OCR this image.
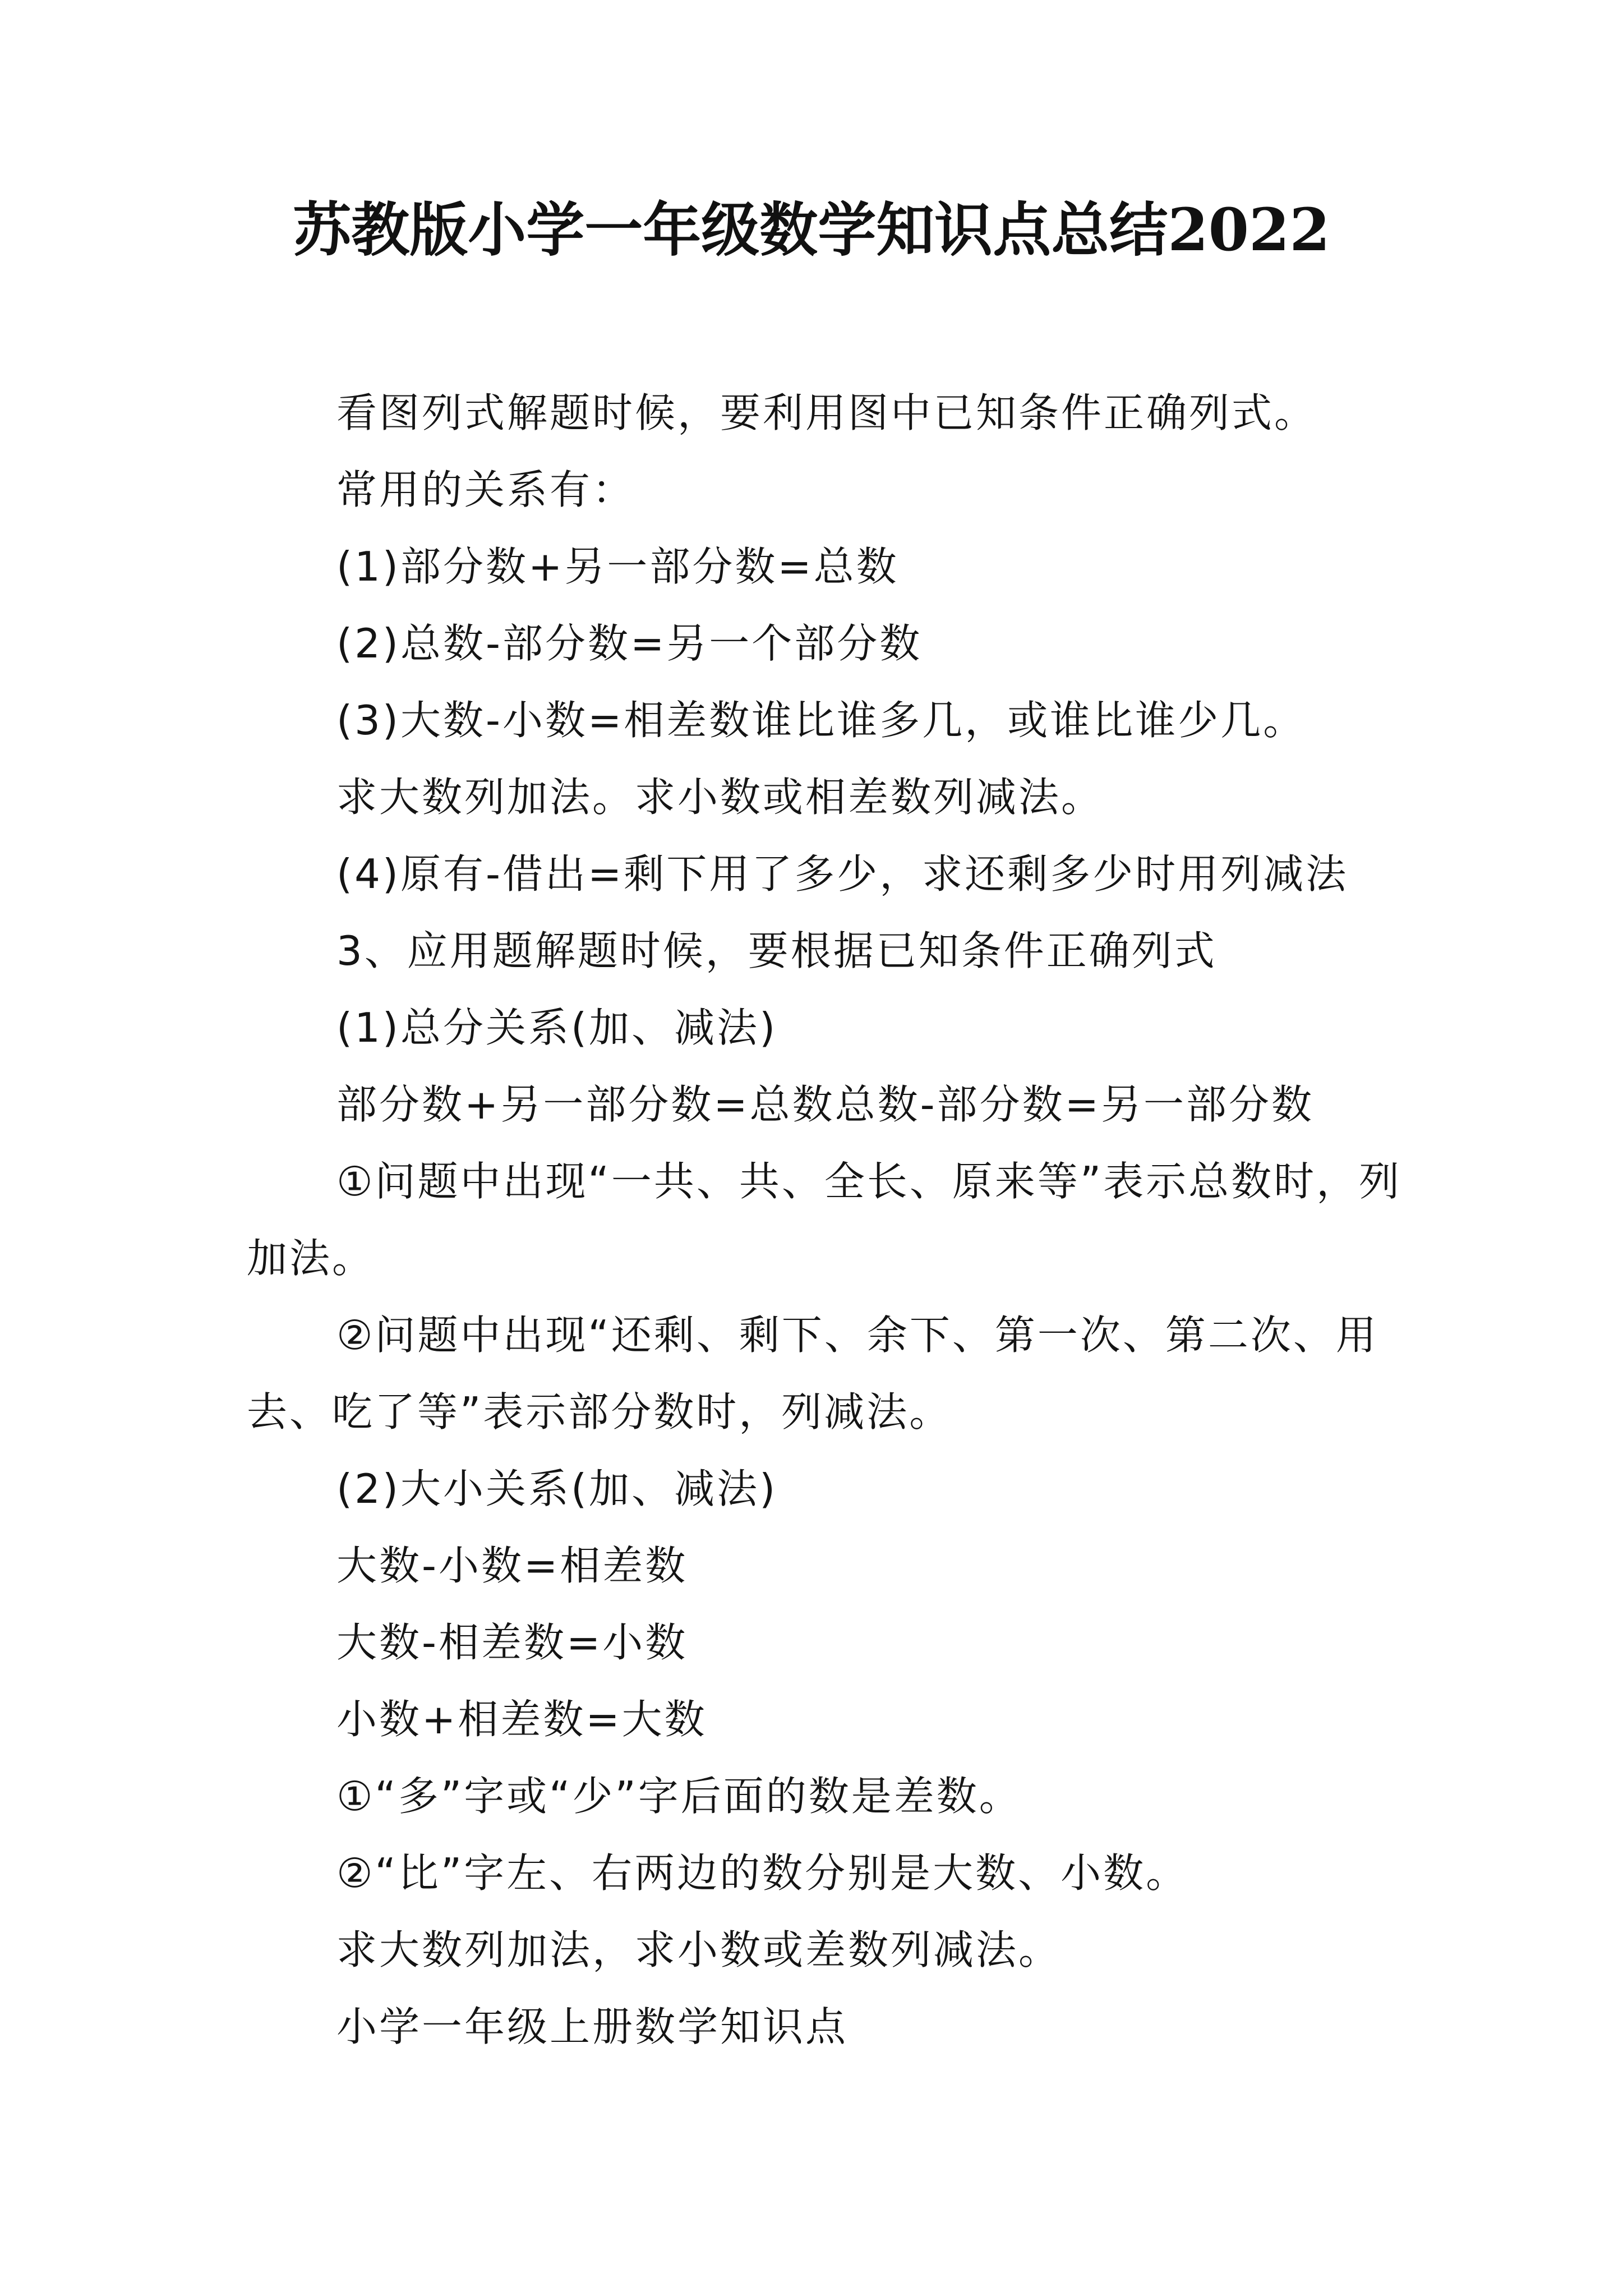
苏教版小学一年级数学知识点总结2022

看图列式解题时候，要利用图中已知条件正确列式。

常用的关系有：

(1)部分数+另一部分数=总数

(2)总数-部分数=另一个部分数

(3)大数-小数=相差数谁比谁多几，或谁比谁少几。

求大数列加法。求小数或相差数列减法。

(4)原有-借出=剩下用了多少，求还剩多少时用列减法

3、应用题解题时候，要根据已知条件正确列式

(1)总分关系(加、减法)

部分数+另一部分数=总数总数-部分数=另一部分数

①问题中出现“一共、共、全长、原来等”表示总数时，列加法。

②问题中出现“还剩、剩下、余下、第一次、第二次、用去、吃了等”表示部分数时，列减法。

(2)大小关系(加、减法)

大数-小数=相差数

大数-相差数=小数

小数+相差数=大数

①“多”字或“少”字后面的数是差数。

②“比”字左、右两边的数分别是大数、小数。

求大数列加法，求小数或差数列减法。

小学一年级上册数学知识点
